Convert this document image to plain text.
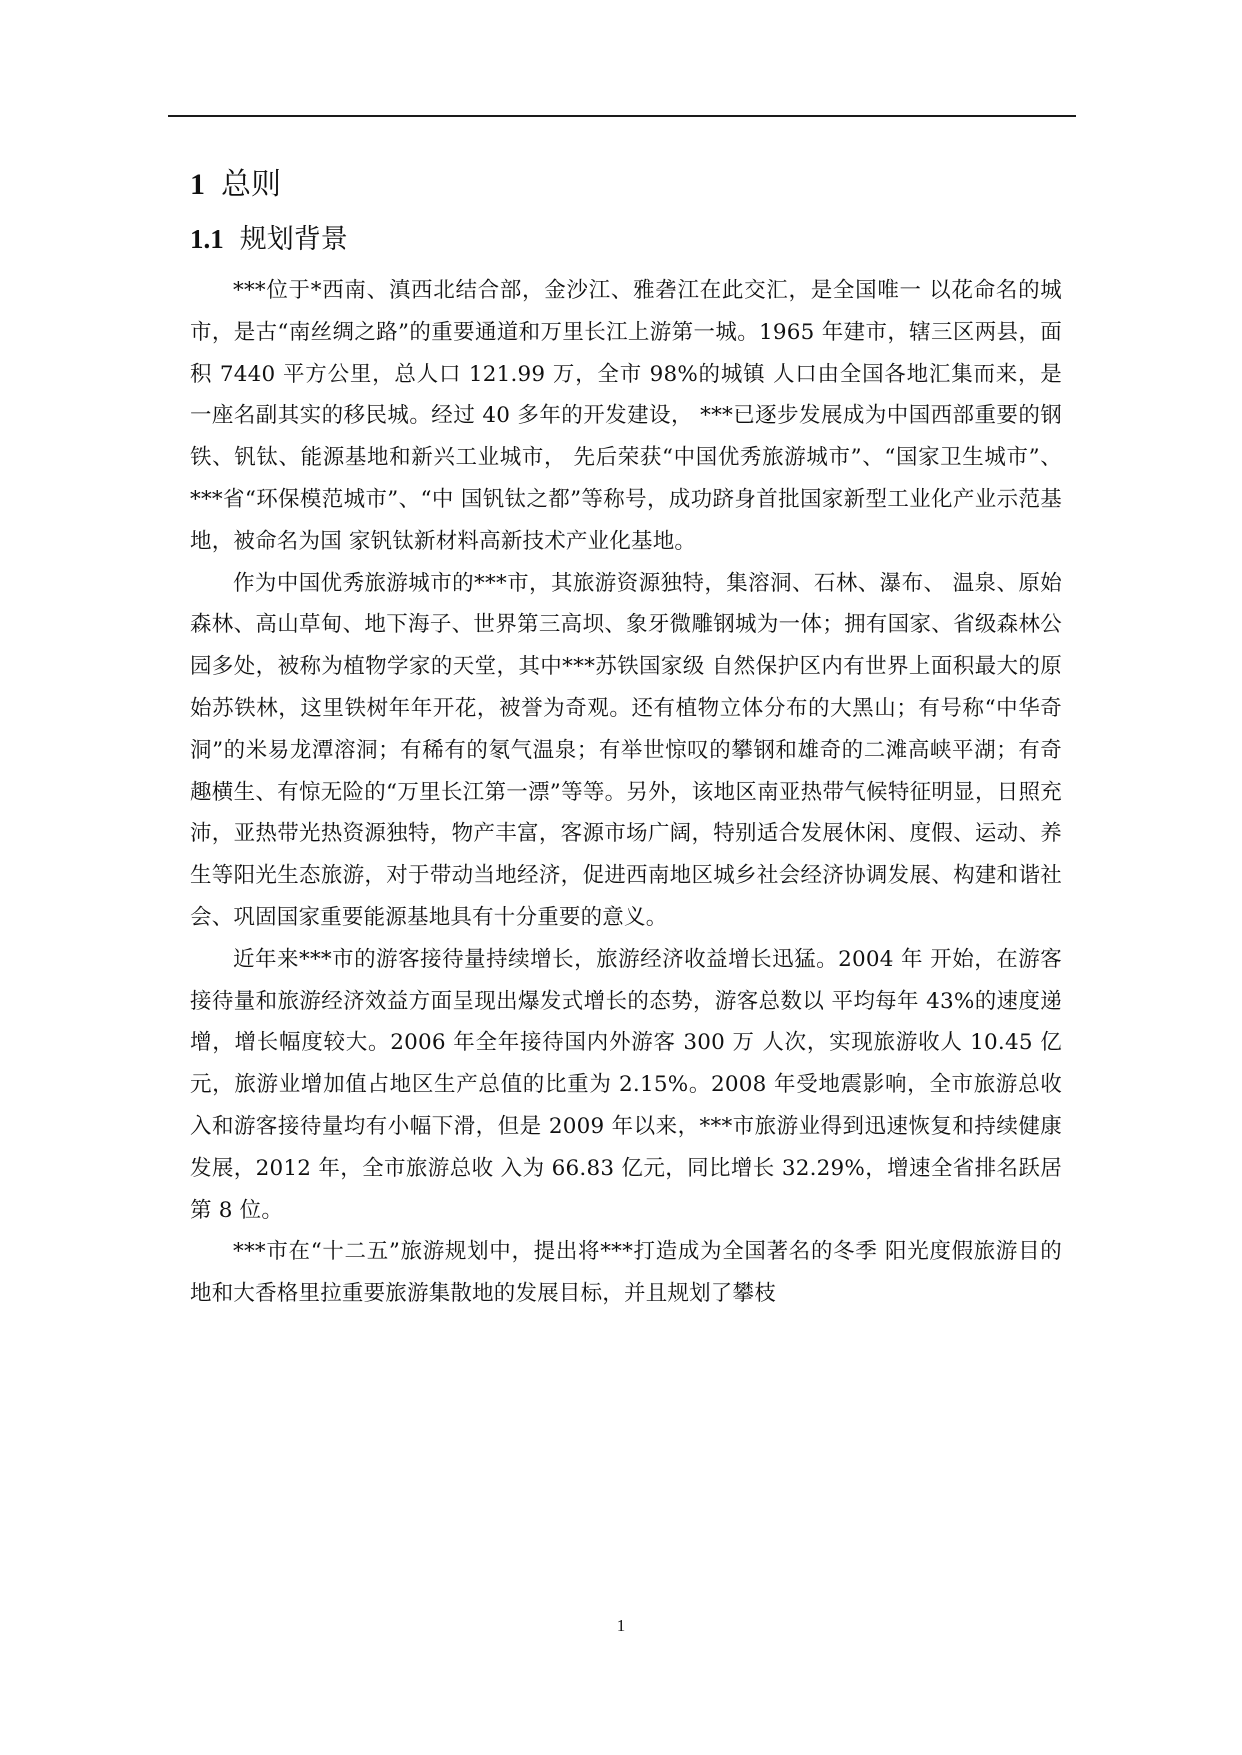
1 总则
1.1 规划背景

***位于*西南、滇西北结合部，金沙江、雅砻江在此交汇，是全国唯一 以花命名的城市，是古“南丝绸之路”的重要通道和万里长江上游第一城。1965 年建市，辖三区两县，面积 7440 平方公里，总人口 121.99 万，全市 98%的城镇 人口由全国各地汇集而来，是一座名副其实的移民城。经过 40 多年的开发建设， ***已逐步发展成为中国西部重要的钢铁、钒钛、能源基地和新兴工业城市， 先后荣获“中国优秀旅游城市”、“国家卫生城市”、***省“环保模范城市”、“中 国钒钛之都”等称号，成功跻身首批国家新型工业化产业示范基地，被命名为国 家钒钛新材料高新技术产业化基地。

作为中国优秀旅游城市的***市，其旅游资源独特，集溶洞、石林、瀑布、 温泉、原始森林、高山草甸、地下海子、世界第三高坝、象牙微雕钢城为一体；拥有国家、省级森林公园多处，被称为植物学家的天堂，其中***苏铁国家级 自然保护区内有世界上面积最大的原始苏铁林，这里铁树年年开花，被誉为奇观。还有植物立体分布的大黑山；有号称“中华奇洞”的米易龙潭溶洞；有稀有的氡气温泉；有举世惊叹的攀钢和雄奇的二滩高峡平湖；有奇趣横生、有惊无险的“万里长江第一漂”等等。另外，该地区南亚热带气候特征明显，日照充沛，亚热带光热资源独特，物产丰富，客源市场广阔，特别适合发展休闲、度假、运动、养生等阳光生态旅游，对于带动当地经济，促进西南地区城乡社会经济协调发展、构建和谐社会、巩固国家重要能源基地具有十分重要的意义。

近年来***市的游客接待量持续增长，旅游经济收益增长迅猛。2004 年 开始，在游客接待量和旅游经济效益方面呈现出爆发式增长的态势，游客总数以 平均每年 43%的速度递增，增长幅度较大。2006 年全年接待国内外游客 300 万 人次，实现旅游收人 10.45 亿元，旅游业增加值占地区生产总值的比重为 2.15%。2008 年受地震影响，全市旅游总收入和游客接待量均有小幅下滑，但是 2009 年以来，***市旅游业得到迅速恢复和持续健康发展，2012 年，全市旅游总收 入为 66.83 亿元，同比增长 32.29%，增速全省排名跃居第 8 位。

***市在“十二五”旅游规划中，提出将***打造成为全国著名的冬季 阳光度假旅游目的地和大香格里拉重要旅游集散地的发展目标，并且规划了攀枝

1
